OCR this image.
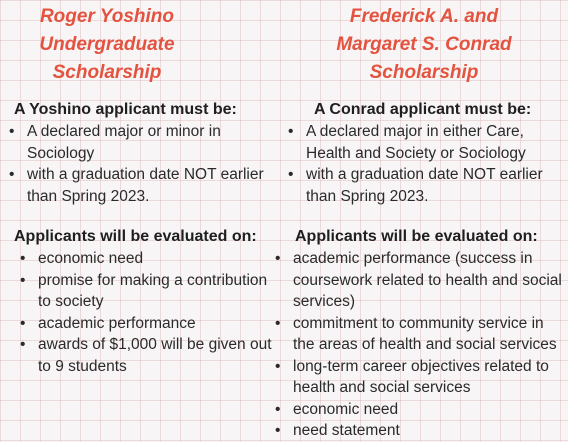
Roger Yoshino
Undergraduate
Scholarship
A Yoshino applicant must be:
• A declared major or minor in Sociology
• with a graduation date NOT earlier than Spring 2023.
Applicants will be evaluated on:
• economic need
• promise for making a contribution to society
• academic performance
• awards of $1,000 will be given out to 9 students
Frederick A. and
Margaret S. Conrad
Scholarship
A Conrad applicant must be:
• A declared major in either Care, Health and Society or Sociology
• with a graduation date NOT earlier than Spring 2023.
Applicants will be evaluated on:
• academic performance (success in coursework related to health and social services)
• commitment to community service in the areas of health and social services
• long-term career objectives related to health and social services
• economic need
• need statement
